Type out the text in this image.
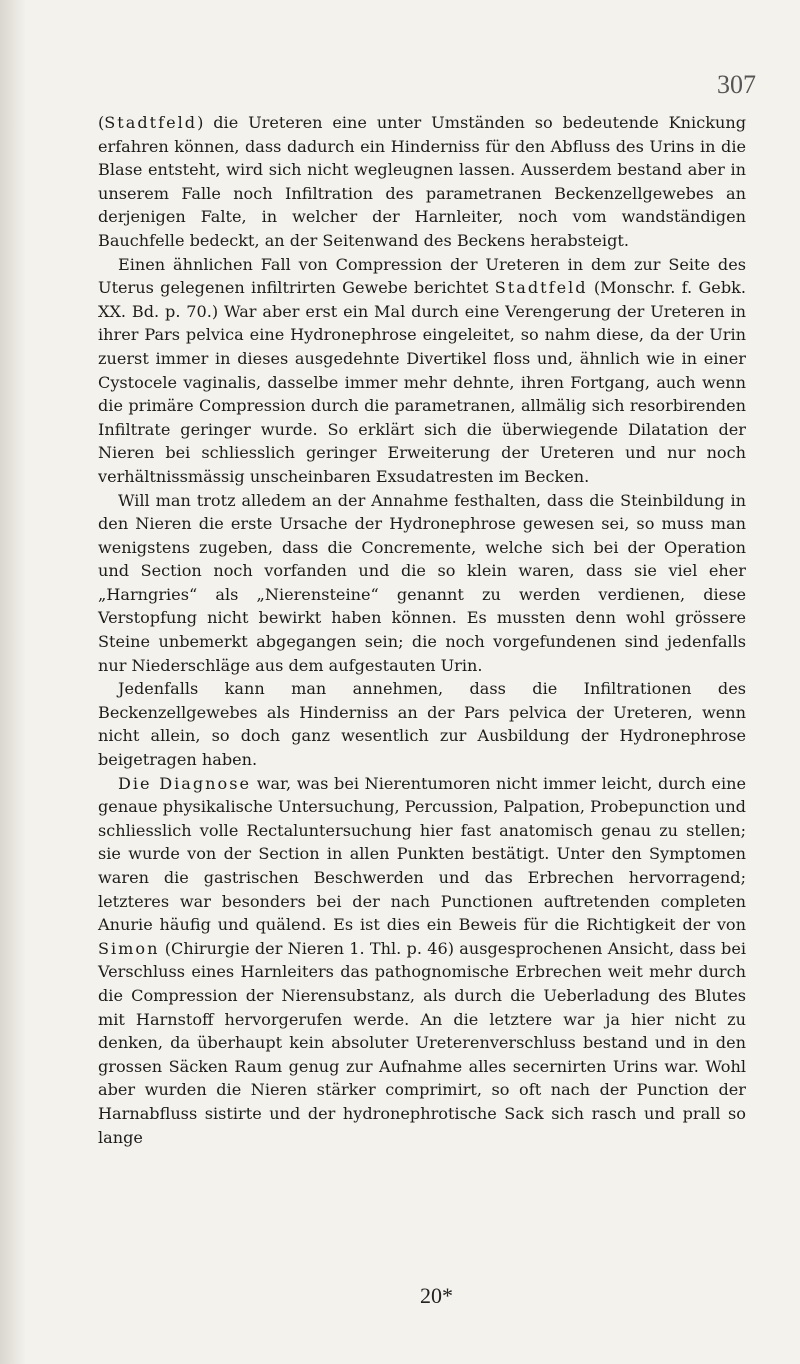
307

(Stadtfeld) die Ureteren eine unter Umständen so bedeutende Knickung erfahren können, dass dadurch ein Hinderniss für den Abfluss des Urins in die Blase entsteht, wird sich nicht wegleugnen lassen. Ausserdem bestand aber in unserem Falle noch Infiltration des parametranen Beckenzellgewebes an derjenigen Falte, in welcher der Harnleiter, noch vom wandständigen Bauchfelle bedeckt, an der Seitenwand des Beckens herabsteigt.

Einen ähnlichen Fall von Compression der Ureteren in dem zur Seite des Uterus gelegenen infiltrirten Gewebe berichtet Stadtfeld (Monschr. f. Gebk. XX. Bd. p. 70.) War aber erst ein Mal durch eine Verengerung der Ureteren in ihrer Pars pelvica eine Hydronephrose eingeleitet, so nahm diese, da der Urin zuerst immer in dieses ausgedehnte Divertikel floss und, ähnlich wie in einer Cystocele vaginalis, dasselbe immer mehr dehnte, ihren Fortgang, auch wenn die primäre Compression durch die parametranen, allmälig sich resorbirenden Infiltrate geringer wurde. So erklärt sich die überwiegende Dilatation der Nieren bei schliesslich geringer Erweiterung der Ureteren und nur noch verhältnissmässig unscheinbaren Exsudatresten im Becken.

Will man trotz alledem an der Annahme festhalten, dass die Steinbildung in den Nieren die erste Ursache der Hydronephrose gewesen sei, so muss man wenigstens zugeben, dass die Concremente, welche sich bei der Operation und Section noch vorfanden und die so klein waren, dass sie viel eher „Harngries“ als „Nierensteine“ genannt zu werden verdienen, diese Verstopfung nicht bewirkt haben können. Es mussten denn wohl grössere Steine unbemerkt abgegangen sein; die noch vorgefundenen sind jedenfalls nur Niederschläge aus dem aufgestauten Urin.

Jedenfalls kann man annehmen, dass die Infiltrationen des Beckenzellgewebes als Hinderniss an der Pars pelvica der Ureteren, wenn nicht allein, so doch ganz wesentlich zur Ausbildung der Hydronephrose beigetragen haben.

Die Diagnose war, was bei Nierentumoren nicht immer leicht, durch eine genaue physikalische Untersuchung, Percussion, Palpation, Probepunction und schliesslich volle Rectaluntersuchung hier fast anatomisch genau zu stellen; sie wurde von der Section in allen Punkten bestätigt. Unter den Symptomen waren die gastrischen Beschwerden und das Erbrechen hervorragend; letzteres war besonders bei der nach Punctionen auftretenden completen Anurie häufig und quälend. Es ist dies ein Beweis für die Richtigkeit der von Simon (Chirurgie der Nieren 1. Thl. p. 46) ausgesprochenen Ansicht, dass bei Verschluss eines Harnleiters das pathognomische Erbrechen weit mehr durch die Compression der Nierensubstanz, als durch die Ueberladung des Blutes mit Harnstoff hervorgerufen werde. An die letztere war ja hier nicht zu denken, da überhaupt kein absoluter Ureterenverschluss bestand und in den grossen Säcken Raum genug zur Aufnahme alles secernirten Urins war. Wohl aber wurden die Nieren stärker comprimirt, so oft nach der Punction der Harnabfluss sistirte und der hydronephrotische Sack sich rasch und prall so lange

20*
